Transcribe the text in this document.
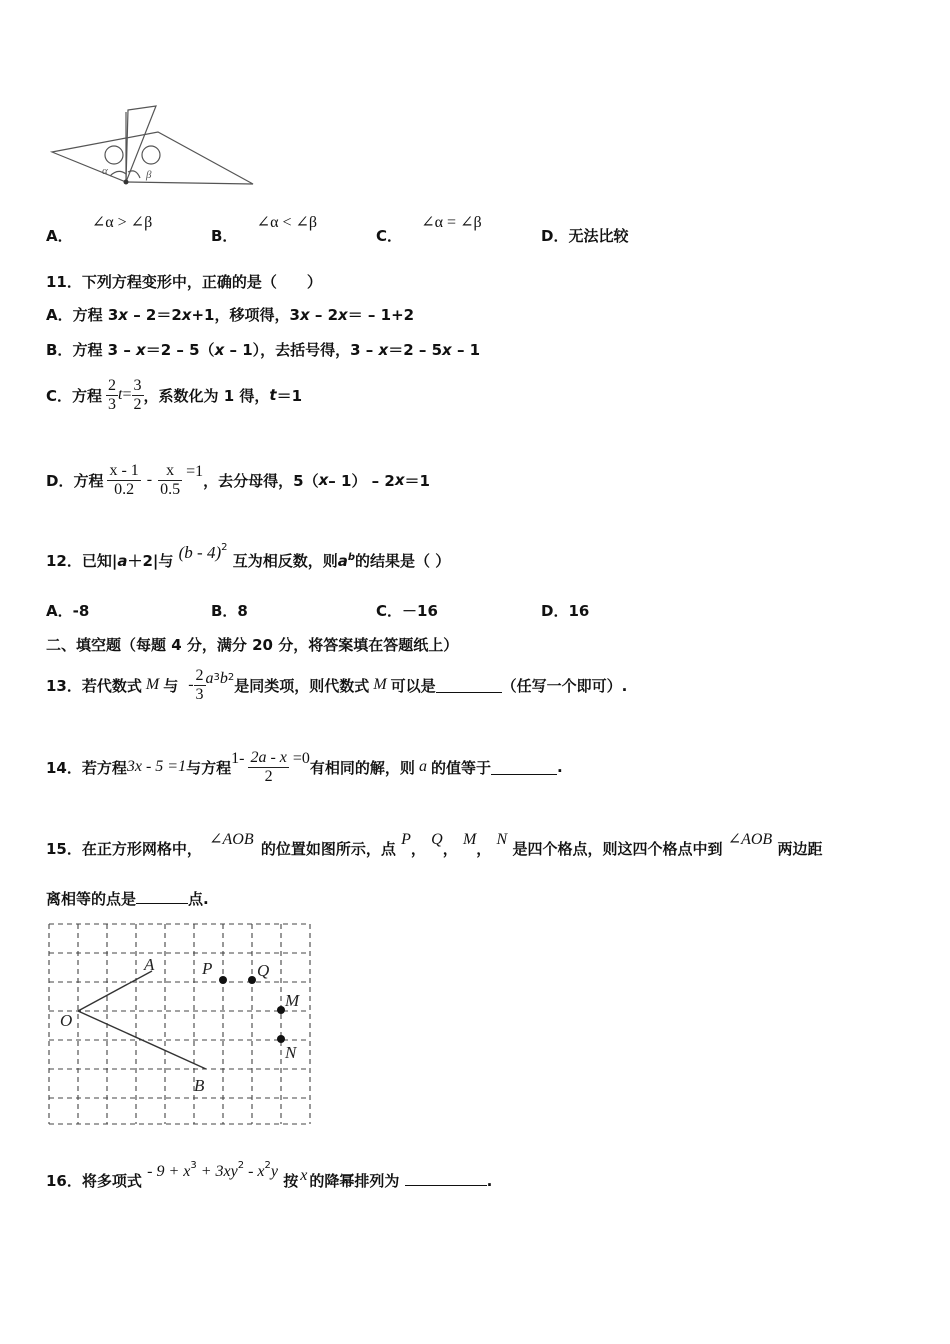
α	β
A． ∠α > ∠β
B． ∠α < ∠β
C． ∠α = ∠β
D．无法比较
11．下列方程变形中，正确的是（　　）
A．方程 3x – 2＝2x+1，移项得，3x – 2x＝ – 1+2
B．方程 3 – x＝2 – 5（x – 1），去括号得，3 – x＝2 – 5x – 1
C． 方程 $\frac{2}{3}$ $t = \frac{3}{2}$ ，系数化为 1 得， t ＝1
D． 方程 $\frac{x - 1}{0.2} - \frac{x}{0.5} =1$ ，去分母得，5（ x – 1） – 2 x ＝1
12．已知|a＋2|与 (b - 4)$^2$ 互为相反数，则$a^b$的结果是（ ）
A．-8	B．8	C．－16	D．16
二、填空题（每题 4 分，满分 20 分，将答案填在答题纸上）
13．若代数式 M 与 - $\frac{2}{3}$ a 3 b 2 是同类项，则代数式 M 可以是	（任写一个即可）.
14．若方程 3x - 5 =1 与方程 $1- \frac{2a - x}{2} =0$ 有相同的解，则 a 的值等于	.
15．在正方形网格中， ∠AOB 的位置如图所示，点 P， Q， M， N 是四个格点，则这四个格点中到 ∠AOB 两边距
离相等的点是	点.
A
O
B
P	Q
M
N
16．将多项式 - $9 + x^3 + 3xy^2 - x^2y$ 按 x 的降幂排列为	.
